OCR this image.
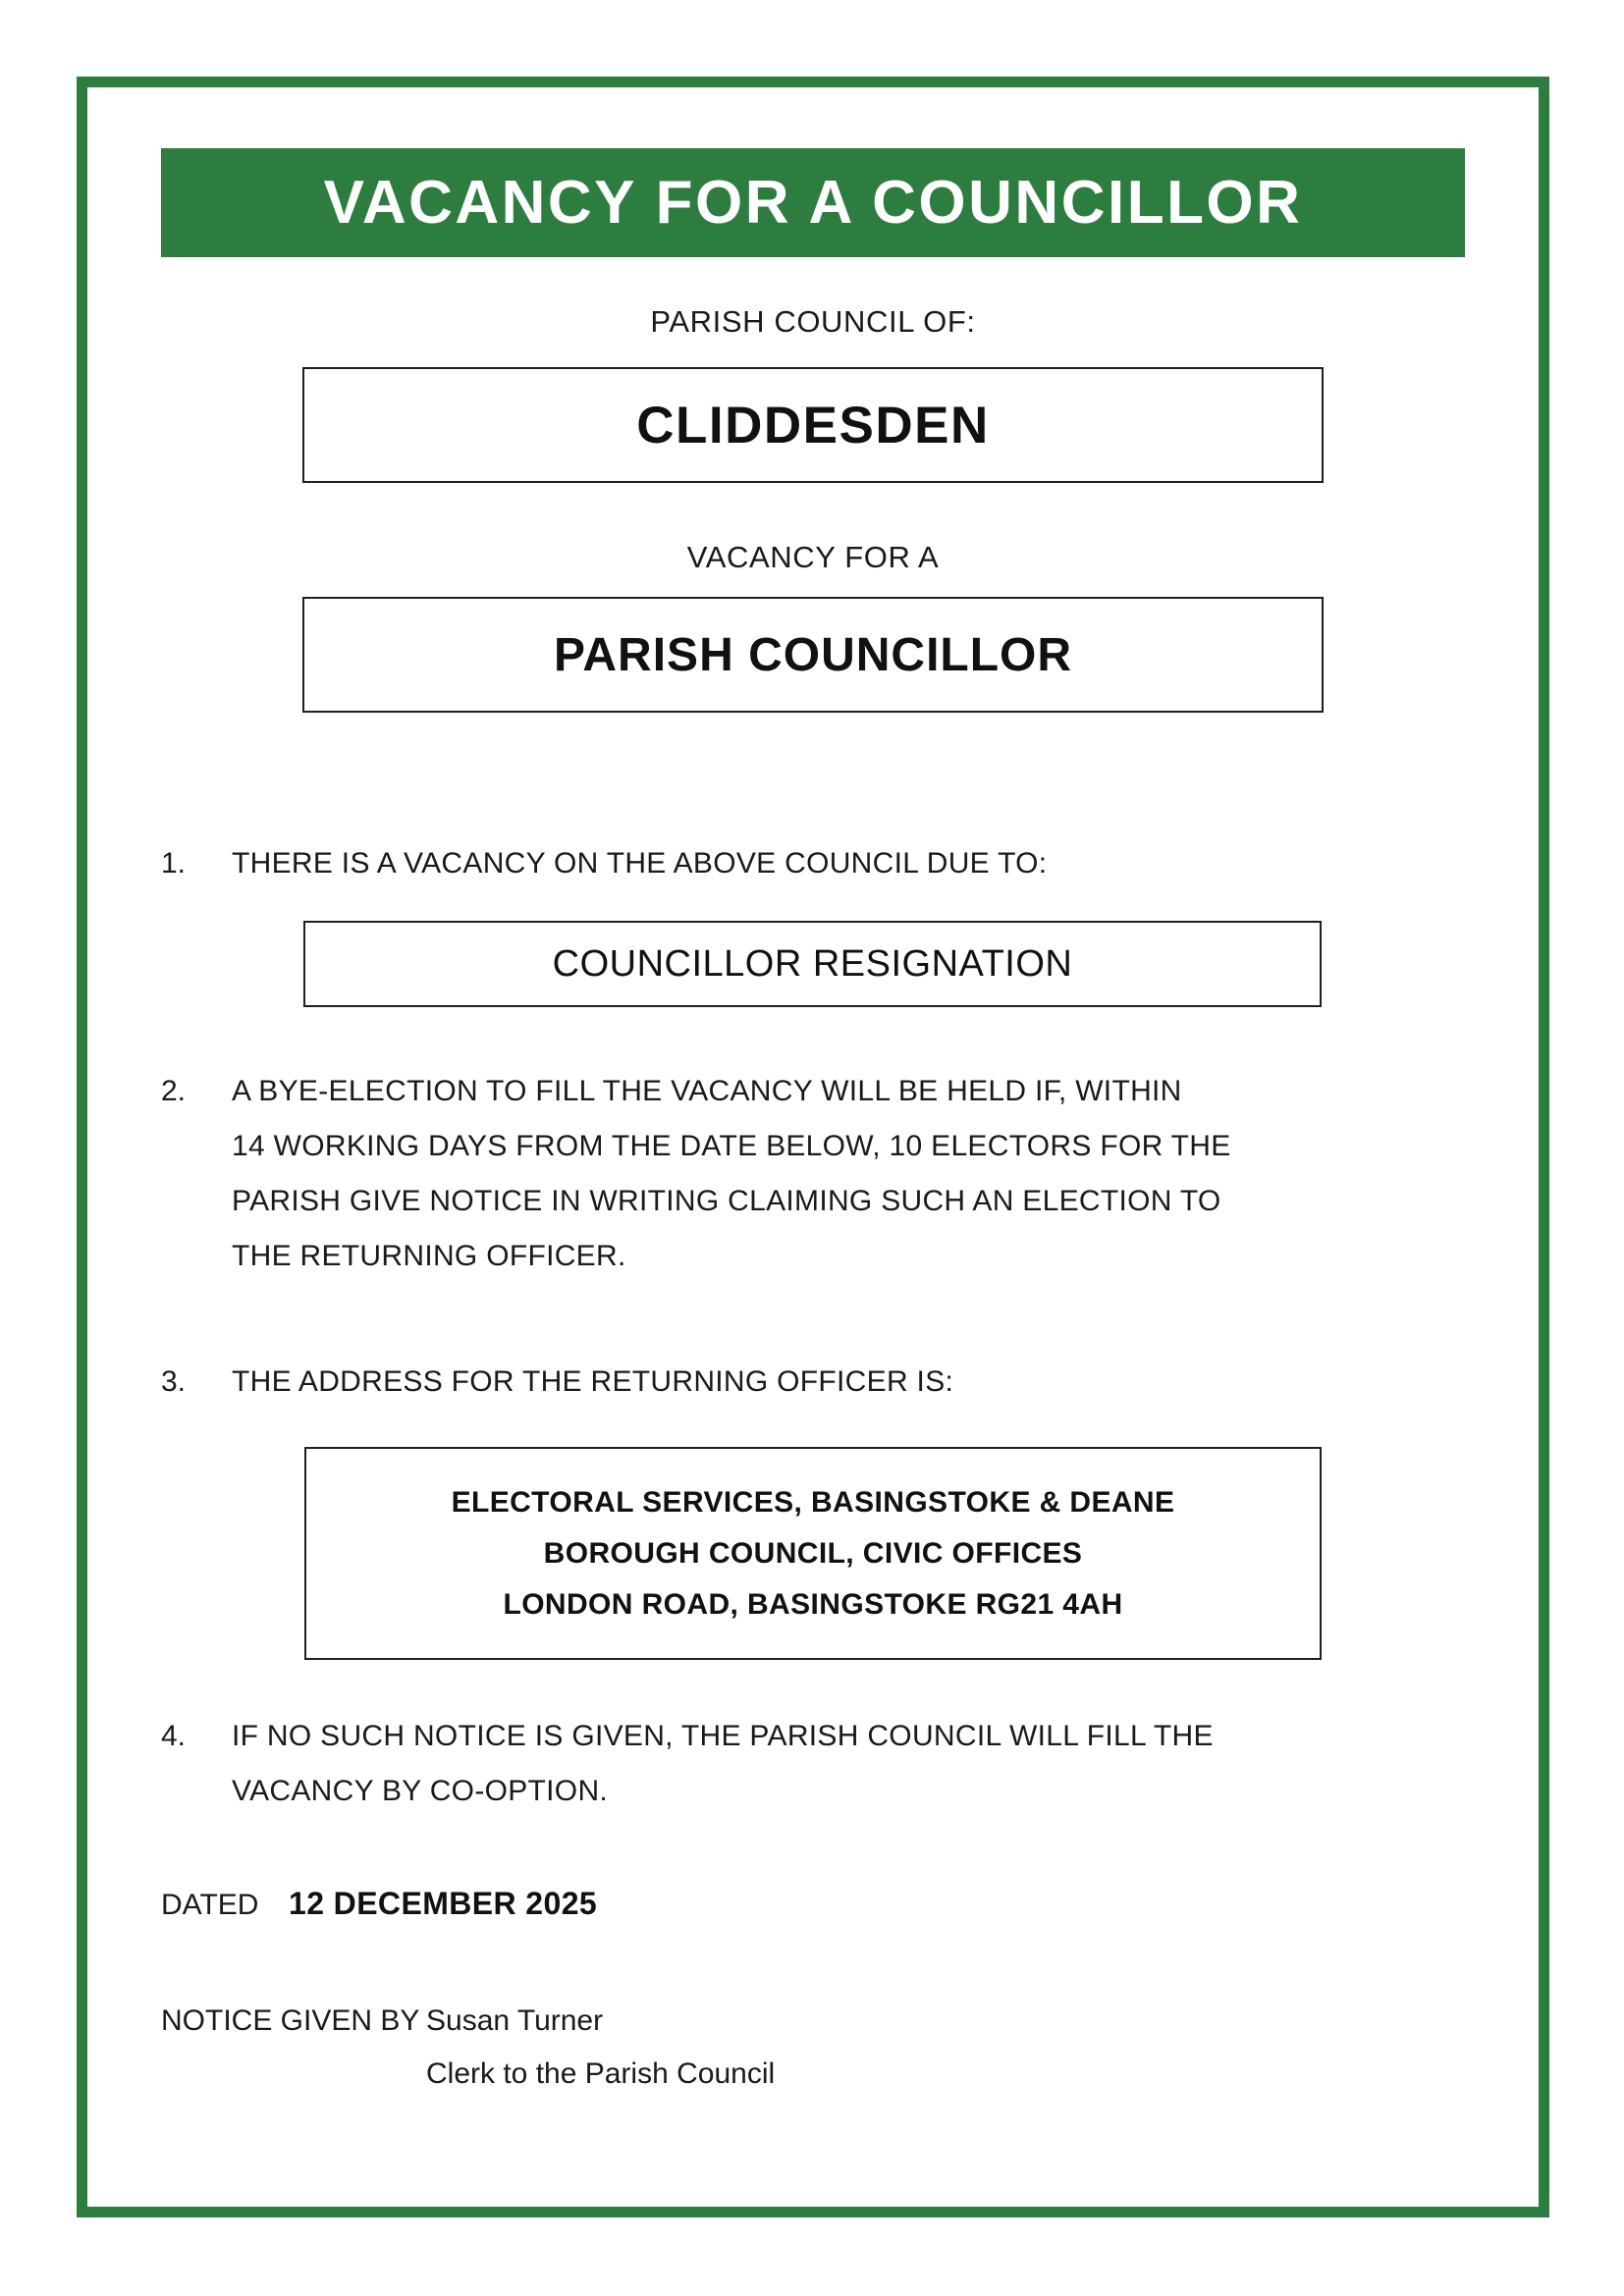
VACANCY FOR A COUNCILLOR
PARISH COUNCIL OF:
CLIDDESDEN
VACANCY FOR A
PARISH COUNCILLOR
1.	THERE IS A VACANCY ON THE ABOVE COUNCIL DUE TO:
COUNCILLOR RESIGNATION
2.	A BYE-ELECTION TO FILL THE VACANCY WILL BE HELD IF, WITHIN
14 WORKING DAYS FROM THE DATE BELOW, 10 ELECTORS FOR THE
PARISH GIVE NOTICE IN WRITING CLAIMING SUCH AN ELECTION TO
THE RETURNING OFFICER.
3.	THE ADDRESS FOR THE RETURNING OFFICER IS:
ELECTORAL SERVICES, BASINGSTOKE & DEANE
BOROUGH COUNCIL, CIVIC OFFICES
LONDON ROAD, BASINGSTOKE RG21 4AH
4.	IF NO SUCH NOTICE IS GIVEN, THE PARISH COUNCIL WILL FILL THE
VACANCY BY CO-OPTION.
DATED 12 DECEMBER 2025
NOTICE GIVEN BY Susan Turner
Clerk to the Parish Council
